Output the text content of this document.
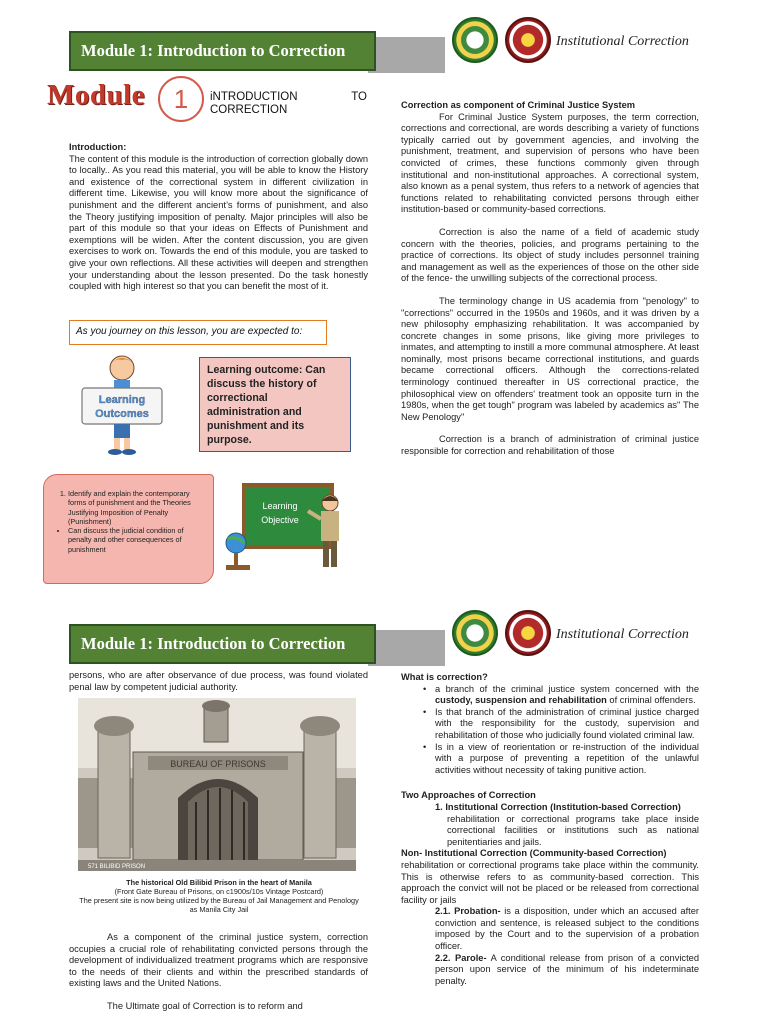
Module 1: Introduction to Correction	Institutional Correction
Module	1	iNTRODUCTION	TO

CORRECTION
Introduction:
The content of this module is the introduction of correction globally down to locally.. As you read this material, you will be able to know the History and existence of the correctional system in different civilization in different time. Likewise, you will know more about the significance of punishment and the different ancient’s forms of punishment, and also the Theory justifying imposition of penalty. Major principles will also be part of this module so that your ideas on Effects of Punishment and exemptions will be widen. After the content discussion, you are given exercises to work on. Towards the end of this module, you are tasked to give your own reflections. All these activities will deepen and strengthen your understanding about the lesson presented. Do the task honestly coupled with high interest so that you can benefit the most of it.
As you journey on this lesson, you are expected to:
Learning
Outcomes
Learning outcome: Can discuss the history of correctional administration and punishment and its purpose.
1. Identify and explain the contemporary forms of punishment and the Theories Justifying Imposition of Penalty (Punishment)
• Can discuss the judicial condition of penalty and other consequences of punishment
Learning
Objective
Correction as component of Criminal Justice System

For Criminal Justice System purposes, the term correction, corrections and correctional, are words describing a variety of functions typically carried out by government agencies, and involving the punishment, treatment, and supervision of persons who have been convicted of crimes, these functions commonly given through institutional and non-institutional approaches. A correctional system, also known as a penal system, thus refers to a network of agencies that functions related to rehabilitating convicted persons through either institution-based or community-based corrections.

Correction is also the name of a field of academic study concern with the theories, policies, and programs pertaining to the practice of corrections. Its object of study includes personnel training and management as well as the experiences of those on the other side of the fence- the unwilling subjects of the correctional process.

The terminology change in US academia from "penology" to "corrections" occurred in the 1950s and 1960s, and it was driven by a new philosophy emphasizing rehabilitation. It was accompanied by concrete changes in some prisons, like giving more privileges to inmates, and attempting to instill a more communal atmosphere. At least nominally, most prisons became correctional institutions, and guards became correctional officers. Although the corrections-related terminology continued thereafter in US correctional practice, the philosophical view on offenders' treatment took an opposite turn in the 1980s, when the get tough" program was labeled by academics as" The New Penology"

Correction is a branch of administration of criminal justice responsible for correction and rehabilitation of those

Module 1: Introduction to Correction	Institutional Correction
persons, who are after observance of due process, was found violated penal law by competent judicial authority.
BUREAU OF PRISONS
571 BILIBID PRISON
The historical Old Bilibid Prison in the heart of Manila
(Front Gate Bureau of Prisons, on c1900s/10s Vintage Postcard)
The present site is now being utilized by the Bureau of Jail Management and Penology
as Manila City Jail

As a component of the criminal justice system, correction occupies a crucial role of rehabilitating convicted persons through the development of individualized treatment programs which are responsive to the needs of their clients and within the prescribed standards of existing laws and the United Nations.

The Ultimate goal of Correction is to reform and

What is correction?
• a branch of the criminal justice system concerned with the custody, suspension and rehabilitation of criminal offenders.
• Is that branch of the administration of criminal justice charged with the responsibility for the custody, supervision and rehabilitation of those who judicially found violated criminal law.
• Is in a view of reorientation or re-instruction of the individual with a purpose of preventing a repetition of the unlawful activities without necessity of taking punitive action.
Two Approaches of Correction
1. Institutional Correction (Institution-based Correction)
rehabilitation or correctional programs take place inside correctional facilities or institutions such as national penitentiaries and jails.
Non- Institutional Correction (Community-based Correction)
rehabilitation or correctional programs take place within the community. This is otherwise refers to as community-based correction. This approach the convict will not be placed or be released from correctional facility or jails
2.1. Probation- is a disposition, under which an accused after conviction and sentence, is released subject to the conditions imposed by the Court and to the supervision of a probation officer.
2.2. Parole- A conditional release from prison of a convicted person upon service of the minimum of his indeterminate penalty.
